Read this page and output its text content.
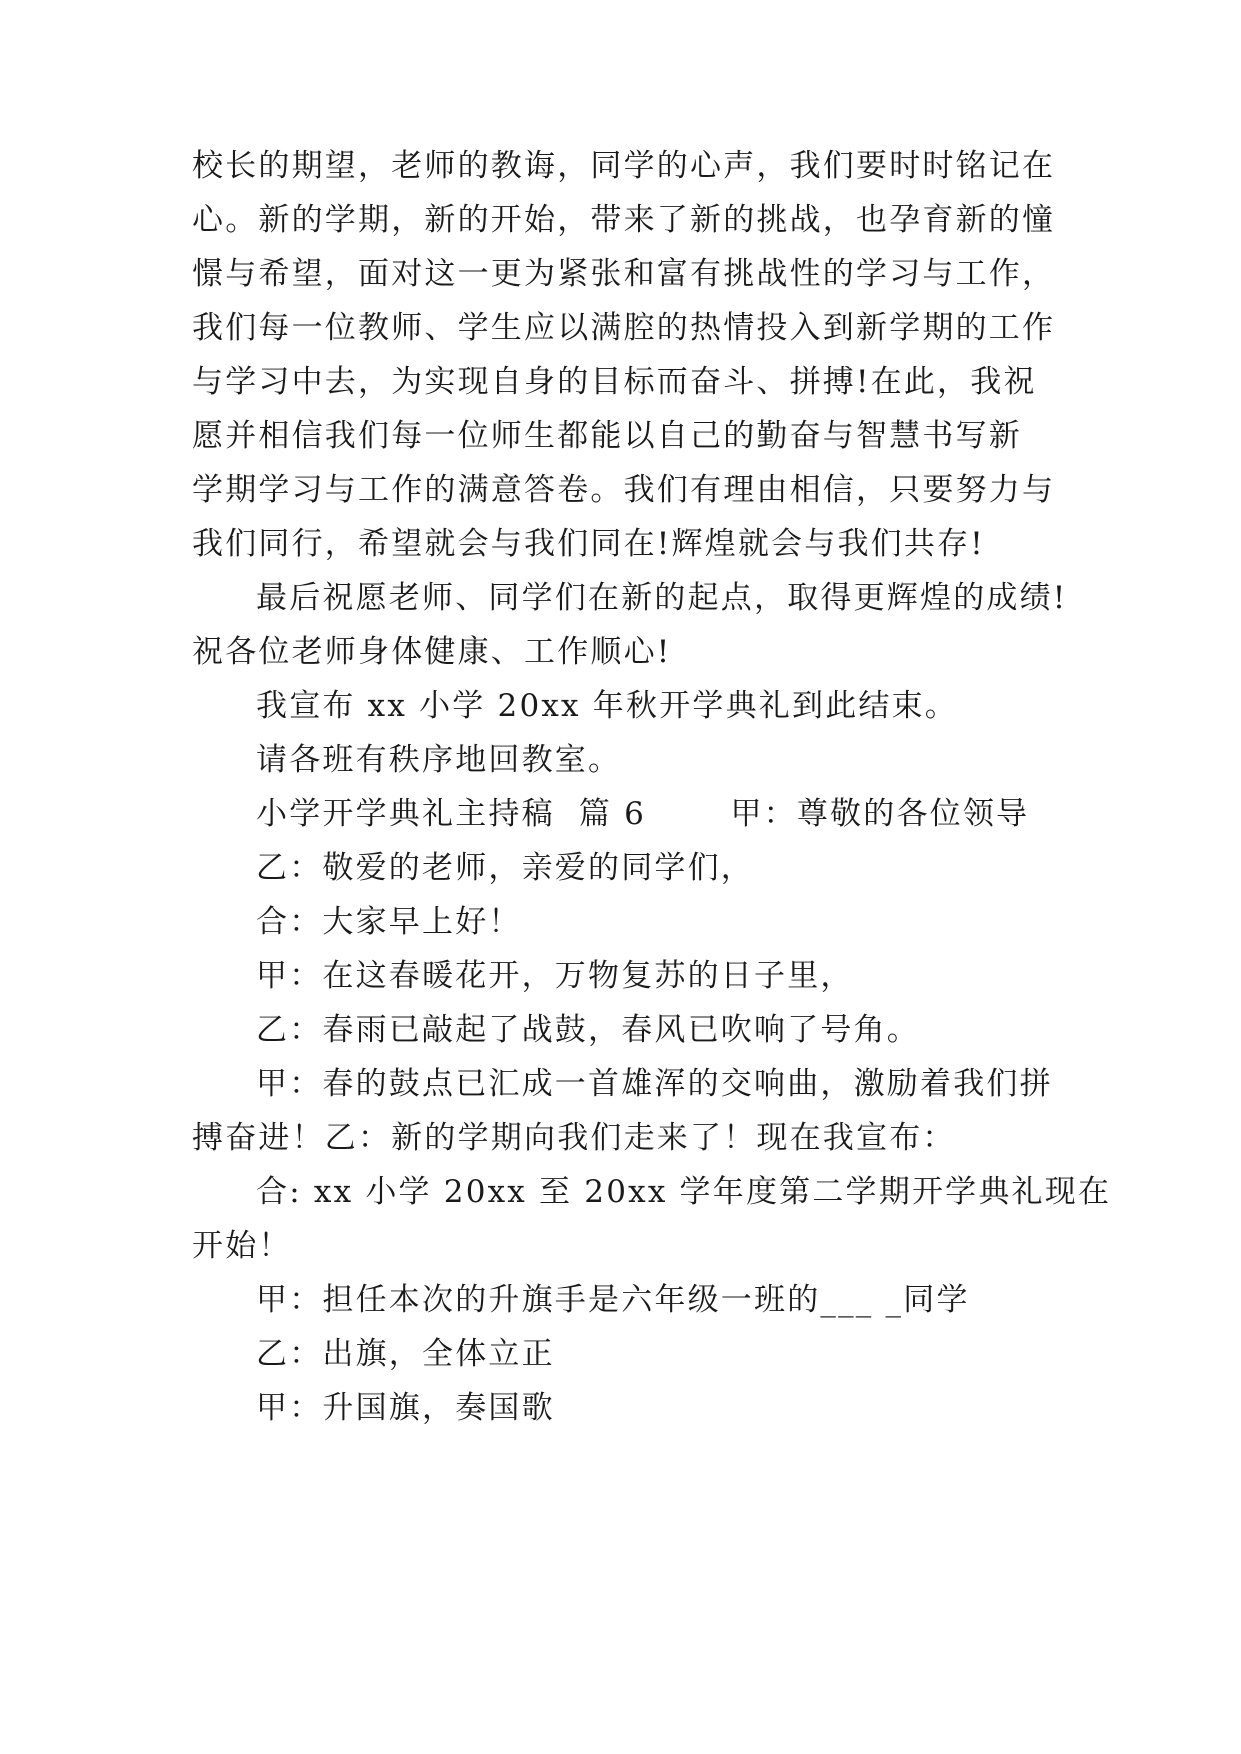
校长的期望，老师的教诲，同学的心声，我们要时时铭记在
心。新的学期，新的开始，带来了新的挑战，也孕育新的憧
憬与希望，面对这一更为紧张和富有挑战性的学习与工作，
我们每一位教师、学生应以满腔的热情投入到新学期的工作
与学习中去，为实现自身的目标而奋斗、拼搏!在此，我祝
愿并相信我们每一位师生都能以自己的勤奋与智慧书写新
学期学习与工作的满意答卷。我们有理由相信，只要努力与
我们同行，希望就会与我们同在!辉煌就会与我们共存!
最后祝愿老师、同学们在新的起点，取得更辉煌的成绩!
祝各位老师身体健康、工作顺心!
我宣布 xx 小学 20xx 年秋开学典礼到此结束。
请各班有秩序地回教室。
小学开学典礼主持稿  篇 6       甲：尊敬的各位领导
乙：敬爱的老师，亲爱的同学们，
合：大家早上好！
甲：在这春暖花开，万物复苏的日子里，
乙：春雨已敲起了战鼓，春风已吹响了号角。
甲：春的鼓点已汇成一首雄浑的交响曲，激励着我们拼
搏奋进！乙：新的学期向我们走来了！现在我宣布：
合: xx 小学 20xx 至 20xx 学年度第二学期开学典礼现在
开始！
甲：担任本次的升旗手是六年级一班的___ _同学
乙：出旗，全体立正
甲：升国旗，奏国歌
